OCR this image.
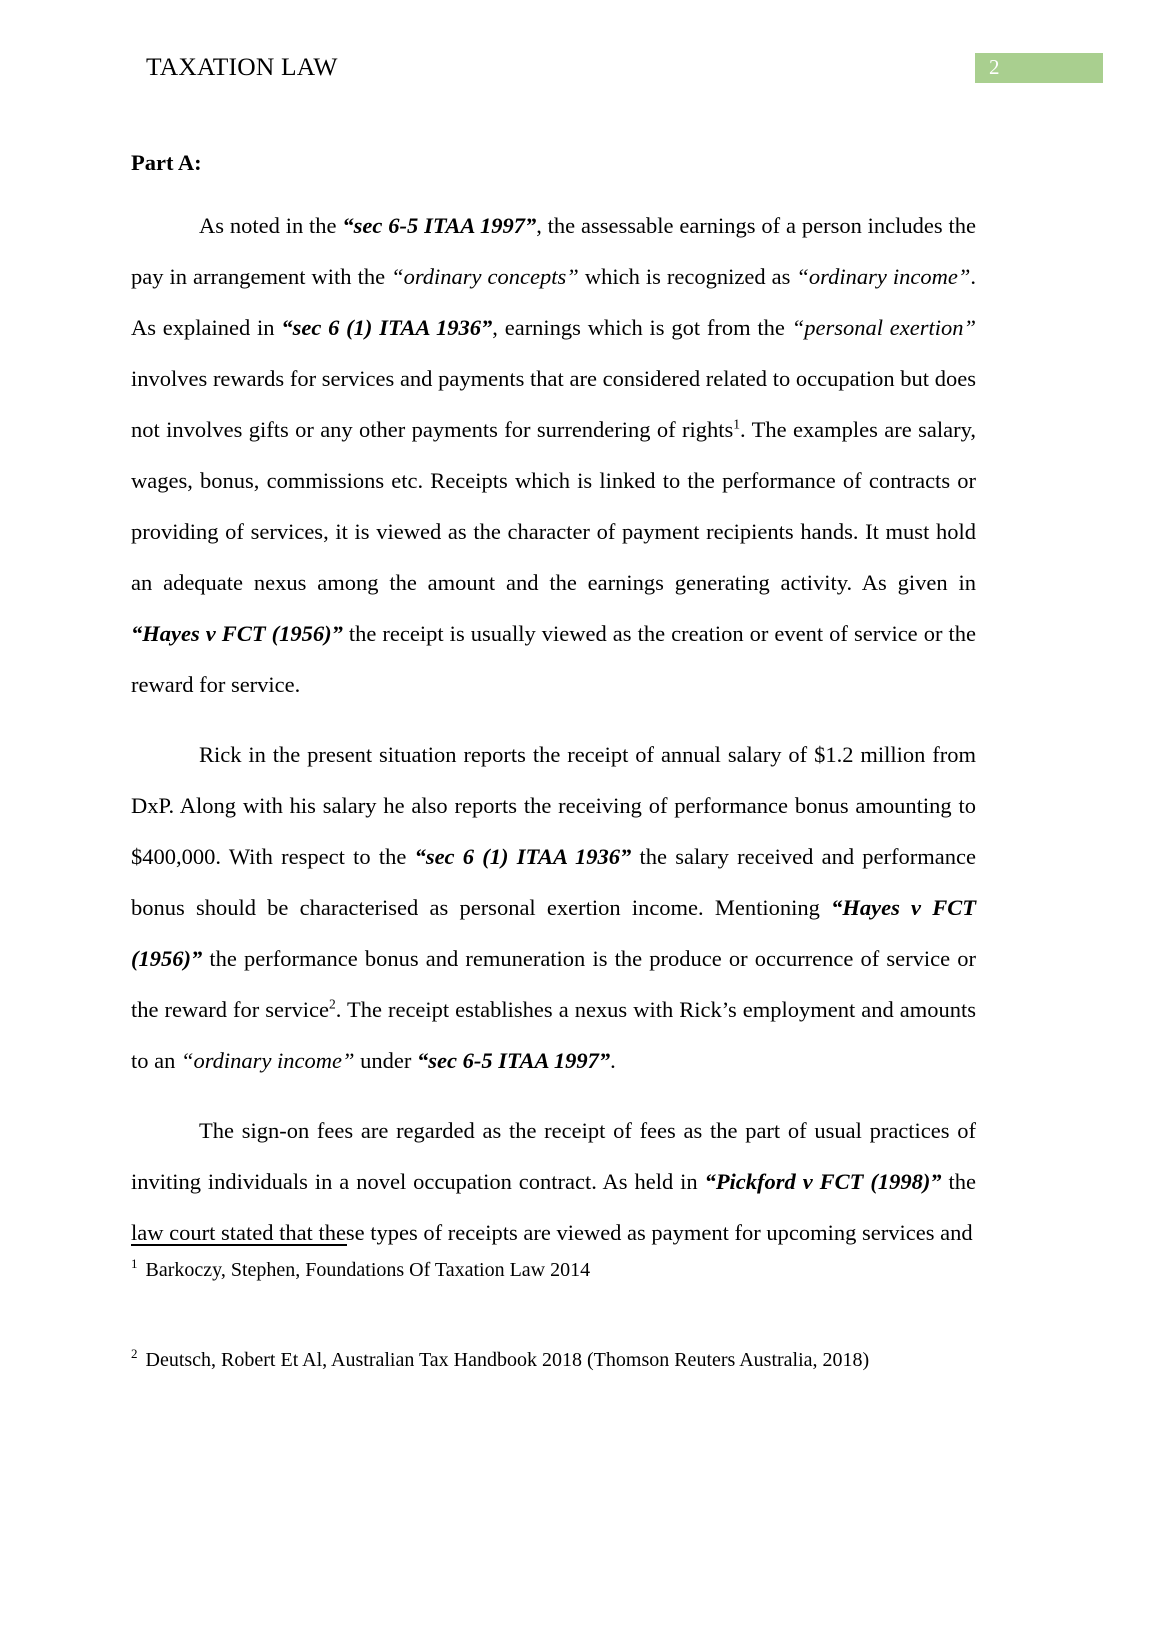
TAXATION LAW	2
Part A:

As noted in the “sec 6-5 ITAA 1997”, the assessable earnings of a person includes the pay in arrangement with the “ordinary concepts” which is recognized as “ordinary income”. As explained in “sec 6 (1) ITAA 1936”, earnings which is got from the “personal exertion” involves rewards for services and payments that are considered related to occupation but does not involves gifts or any other payments for surrendering of rights$^1$. The examples are salary, wages, bonus, commissions etc. Receipts which is linked to the performance of contracts or providing of services, it is viewed as the character of payment recipients hands. It must hold an adequate nexus among the amount and the earnings generating activity. As given in “Hayes v FCT (1956)” the receipt is usually viewed as the creation or event of service or the reward for service.

Rick in the present situation reports the receipt of annual salary of $1.2 million from DxP. Along with his salary he also reports the receiving of performance bonus amounting to $400,000. With respect to the “sec 6 (1) ITAA 1936” the salary received and performance bonus should be characterised as personal exertion income. Mentioning “Hayes v FCT (1956)” the performance bonus and remuneration is the produce or occurrence of service or the reward for service$^2$. The receipt establishes a nexus with Rick’s employment and amounts to an “ordinary income” under “sec 6-5 ITAA 1997”.

The sign-on fees are regarded as the receipt of fees as the part of usual practices of inviting individuals in a novel occupation contract. As held in “Pickford v FCT (1998)” the law court stated that these types of receipts are viewed as payment for upcoming services and

$^1$ Barkoczy, Stephen, Foundations Of Taxation Law 2014

$^2$ Deutsch, Robert Et Al, Australian Tax Handbook 2018 (Thomson Reuters Australia, 2018)
